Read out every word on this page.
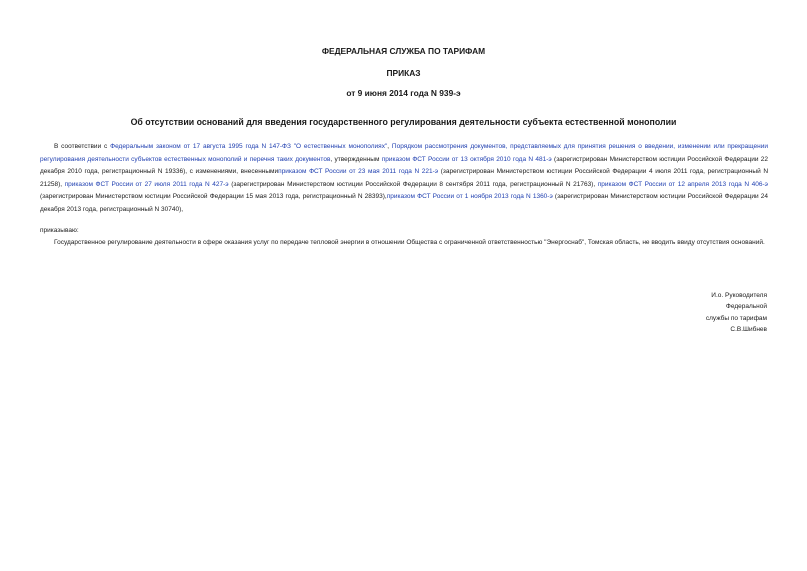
ФЕДЕРАЛЬНАЯ СЛУЖБА ПО ТАРИФАМ
ПРИКАЗ
от 9 июня 2014 года N 939-э
Об отсутствии оснований для введения государственного регулирования деятельности субъекта естественной монополии
В соответствии с Федеральным законом от 17 августа 1995 года N 147-ФЗ "О естественных монополиях", Порядком рассмотрения документов, представляемых для принятия решения о введении, изменении или прекращении регулирования деятельности субъектов естественных монополий и перечня таких документов, утвержденным приказом ФСТ России от 13 октября 2010 года N 481-э (зарегистрирован Министерством юстиции Российской Федерации 22 декабря 2010 года, регистрационный N 19336), с изменениями, внесеннымиприказом ФСТ России от 23 мая 2011 года N 221-э (зарегистрирован Министерством юстиции Российской Федерации 4 июля 2011 года, регистрационный N 21258), приказом ФСТ России от 27 июля 2011 года N 427-э (зарегистрирован Министерством юстиции Российской Федерации 8 сентября 2011 года, регистрационный N 21763), приказом ФСТ России от 12 апреля 2013 года N 406-э (зарегистрирован Министерством юстиции Российской Федерации 15 мая 2013 года, регистрационный N 28393),приказом ФСТ России от 1 ноября 2013 года N 1360-э (зарегистрирован Министерством юстиции Российской Федерации 24 декабря 2013 года, регистрационный N 30740),
приказываю:
Государственное регулирование деятельности в сфере оказания услуг по передаче тепловой энергии в отношении Общества с ограниченной ответственностью "Энергоснаб", Томская область, не вводить ввиду отсутствия оснований.
И.о. Руководителя
Федеральной
службы по тарифам
С.В.Шибнев
